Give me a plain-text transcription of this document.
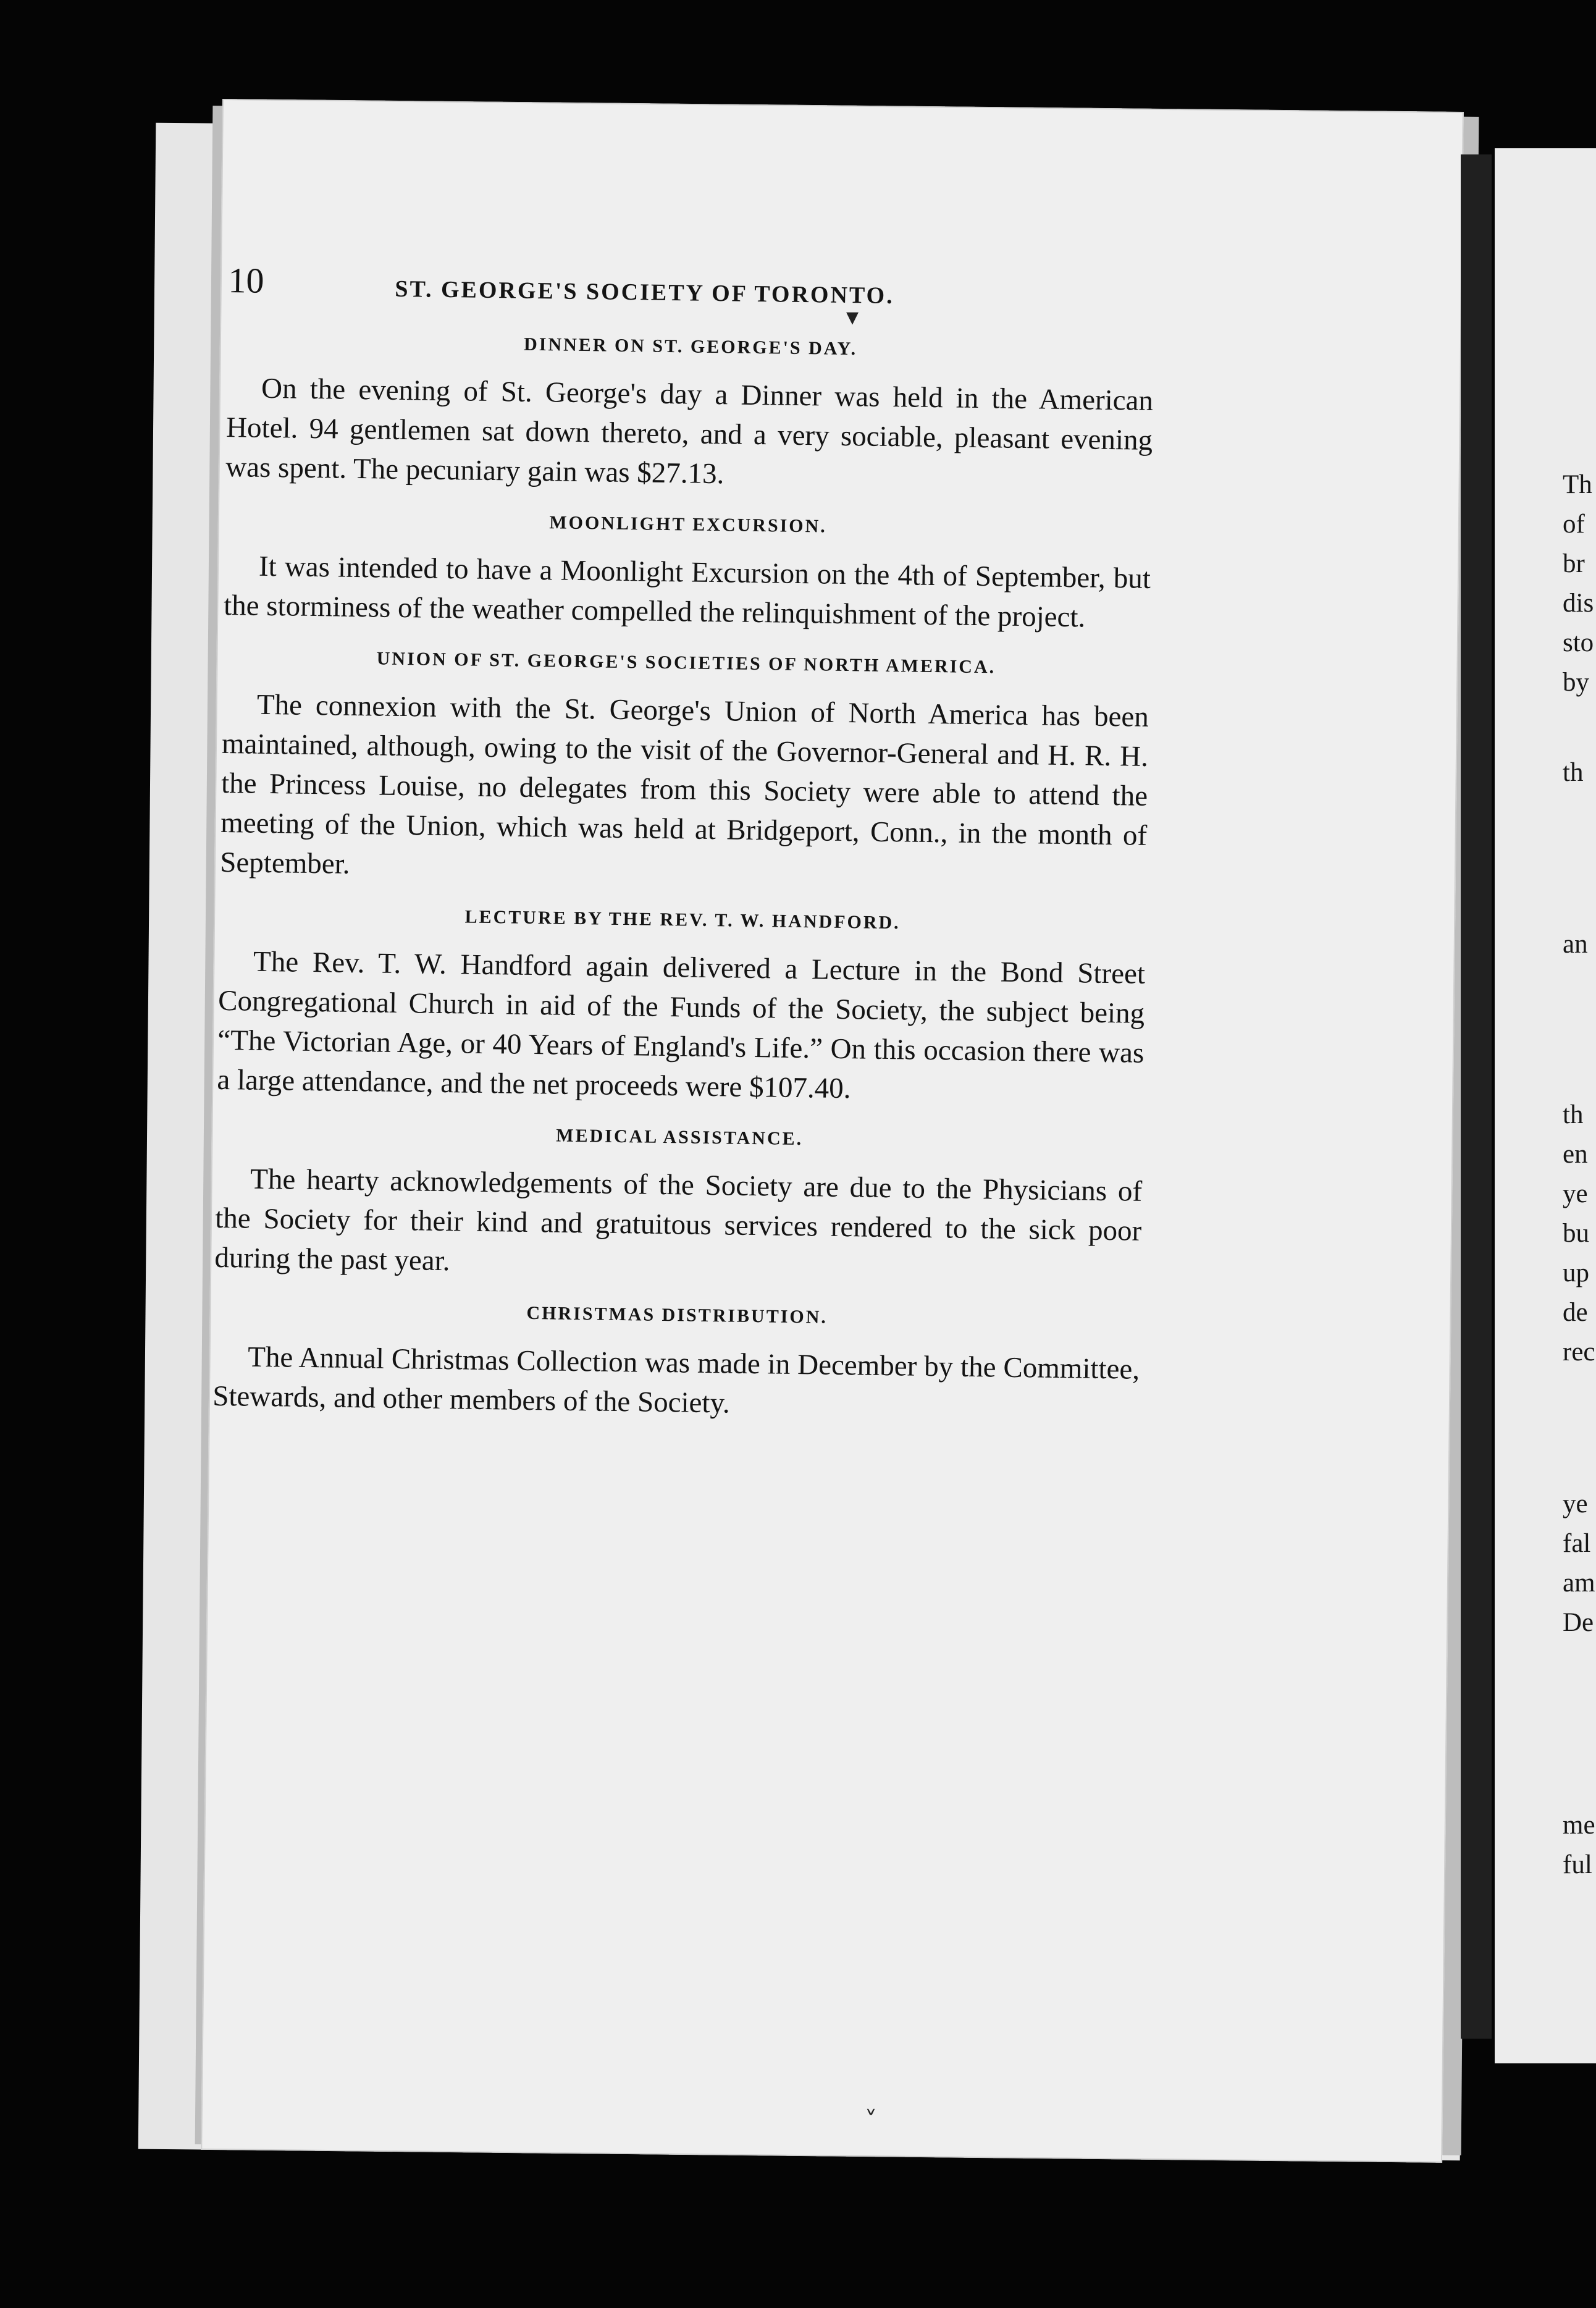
Th
of
br
dis
sto
by
th
an
th
en
ye
bu
up
de
rec
ye
fal
am
De
me
ful
10	ST. GEORGE'S SOCIETY OF TORONTO.
DINNER ON ST. GEORGE'S DAY.

On the evening of St. George's day a Dinner was held in the American Hotel. 94 gentlemen sat down thereto, and a very sociable, pleasant evening was spent. The pecuniary gain was $27.13.

MOONLIGHT EXCURSION.

It was intended to have a Moonlight Excursion on the 4th of September, but the storminess of the weather compelled the relinquishment of the project.

UNION OF ST. GEORGE'S SOCIETIES OF NORTH AMERICA.

The connexion with the St. George's Union of North America has been maintained, although, owing to the visit of the Governor-General and H. R. H. the Princess Louise, no delegates from this Society were able to attend the meeting of the Union, which was held at Bridgeport, Conn., in the month of September.

LECTURE BY THE REV. T. W. HANDFORD.

The Rev. T. W. Handford again delivered a Lecture in the Bond Street Congregational Church in aid of the Funds of the Society, the subject being “The Victorian Age, or 40 Years of England's Life.” On this occasion there was a large attendance, and the net proceeds were $107.40.

MEDICAL ASSISTANCE.

The hearty acknowledgements of the Society are due to the Physicians of the Society for their kind and gratuitous services rendered to the sick poor during the past year.

CHRISTMAS DISTRIBUTION.

The Annual Christmas Collection was made in December by the Committee, Stewards, and other members of the Society.

▾
˅
